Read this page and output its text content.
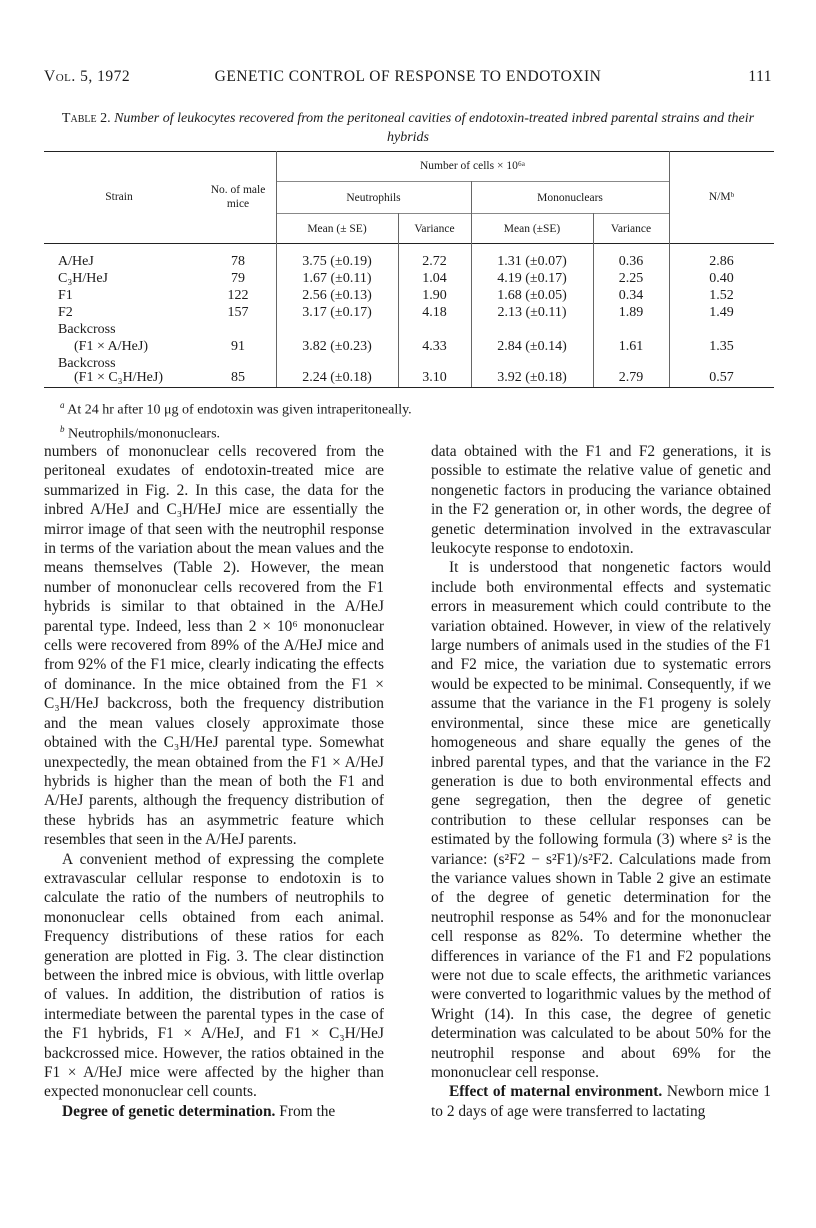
Vol. 5, 1972	GENETIC CONTROL OF RESPONSE TO ENDOTOXIN	111
Table 2. Number of leukocytes recovered from the peritoneal cavities of endotoxin-treated inbred parental strains and their hybrids
Strain
No. of male mice
Number of cells × 10⁶ᵃ
Neutrophils	Mononuclears	N/Mᵇ
Mean (± SE)	Variance	Mean (±SE)	Variance
A/HeJ	78	3.75 (±0.19)	2.72	1.31 (±0.07)	0.36	2.86
C₃H/HeJ	79	1.67 (±0.11)	1.04	4.19 (±0.17)	2.25	0.40
F1	122	2.56 (±0.13)	1.90	1.68 (±0.05)	0.34	1.52
F2	157	3.17 (±0.17)	4.18	2.13 (±0.11)	1.89	1.49
Backcross
(F1 × A/HeJ)	91	3.82 (±0.23)	4.33	2.84 (±0.14)	1.61	1.35
Backcross
(F1 × C₃H/HeJ)	85	2.24 (±0.18)	3.10	3.92 (±0.18)	2.79	0.57
$^a$ At 24 hr after 10 μg of endotoxin was given intraperitoneally.
$^b$ Neutrophils/mononuclears.

numbers of mononuclear cells recovered from the peritoneal exudates of endotoxin-treated mice are summarized in Fig. 2. In this case, the data for the inbred A/HeJ and C₃H/HeJ mice are essentially the mirror image of that seen with the neutrophil response in terms of the variation about the mean values and the means themselves (Table 2). However, the mean number of mononuclear cells recovered from the F1 hybrids is similar to that obtained in the A/HeJ parental type. Indeed, less than 2 × 10⁶ mononuclear cells were recovered from 89% of the A/HeJ mice and from 92% of the F1 mice, clearly indicating the effects of dominance. In the mice obtained from the F1 × C₃H/HeJ backcross, both the frequency distribution and the mean values closely approximate those obtained with the C₃H/HeJ parental type. Somewhat unexpectedly, the mean obtained from the F1 × A/HeJ hybrids is higher than the mean of both the F1 and A/HeJ parents, although the frequency distribution of these hybrids has an asymmetric feature which resembles that seen in the A/HeJ parents.

A convenient method of expressing the complete extravascular cellular response to endotoxin is to calculate the ratio of the numbers of neutrophils to mononuclear cells obtained from each animal. Frequency distributions of these ratios for each generation are plotted in Fig. 3. The clear distinction between the inbred mice is obvious, with little overlap of values. In addition, the distribution of ratios is intermediate between the parental types in the case of the F1 hybrids, F1 × A/HeJ, and F1 × C₃H/HeJ backcrossed mice. However, the ratios obtained in the F1 × A/HeJ mice were affected by the higher than expected mononuclear cell counts.

Degree of genetic determination. From the

data obtained with the F1 and F2 generations, it is possible to estimate the relative value of genetic and nongenetic factors in producing the variance obtained in the F2 generation or, in other words, the degree of genetic determination involved in the extravascular leukocyte response to endotoxin.

It is understood that nongenetic factors would include both environmental effects and systematic errors in measurement which could contribute to the variation obtained. However, in view of the relatively large numbers of animals used in the studies of the F1 and F2 mice, the variation due to systematic errors would be expected to be minimal. Consequently, if we assume that the variance in the F1 progeny is solely environmental, since these mice are genetically homogeneous and share equally the genes of the inbred parental types, and that the variance in the F2 generation is due to both environmental effects and gene segregation, then the degree of genetic contribution to these cellular responses can be estimated by the following formula (3) where s² is the variance: (s²F2 − s²F1)/s²F2. Calculations made from the variance values shown in Table 2 give an estimate of the degree of genetic determination for the neutrophil response as 54% and for the mononuclear cell response as 82%. To determine whether the differences in variance of the F1 and F2 populations were not due to scale effects, the arithmetic variances were converted to logarithmic values by the method of Wright (14). In this case, the degree of genetic determination was calculated to be about 50% for the neutrophil response and about 69% for the mononuclear cell response.

Effect of maternal environment. Newborn mice 1 to 2 days of age were transferred to lactating
